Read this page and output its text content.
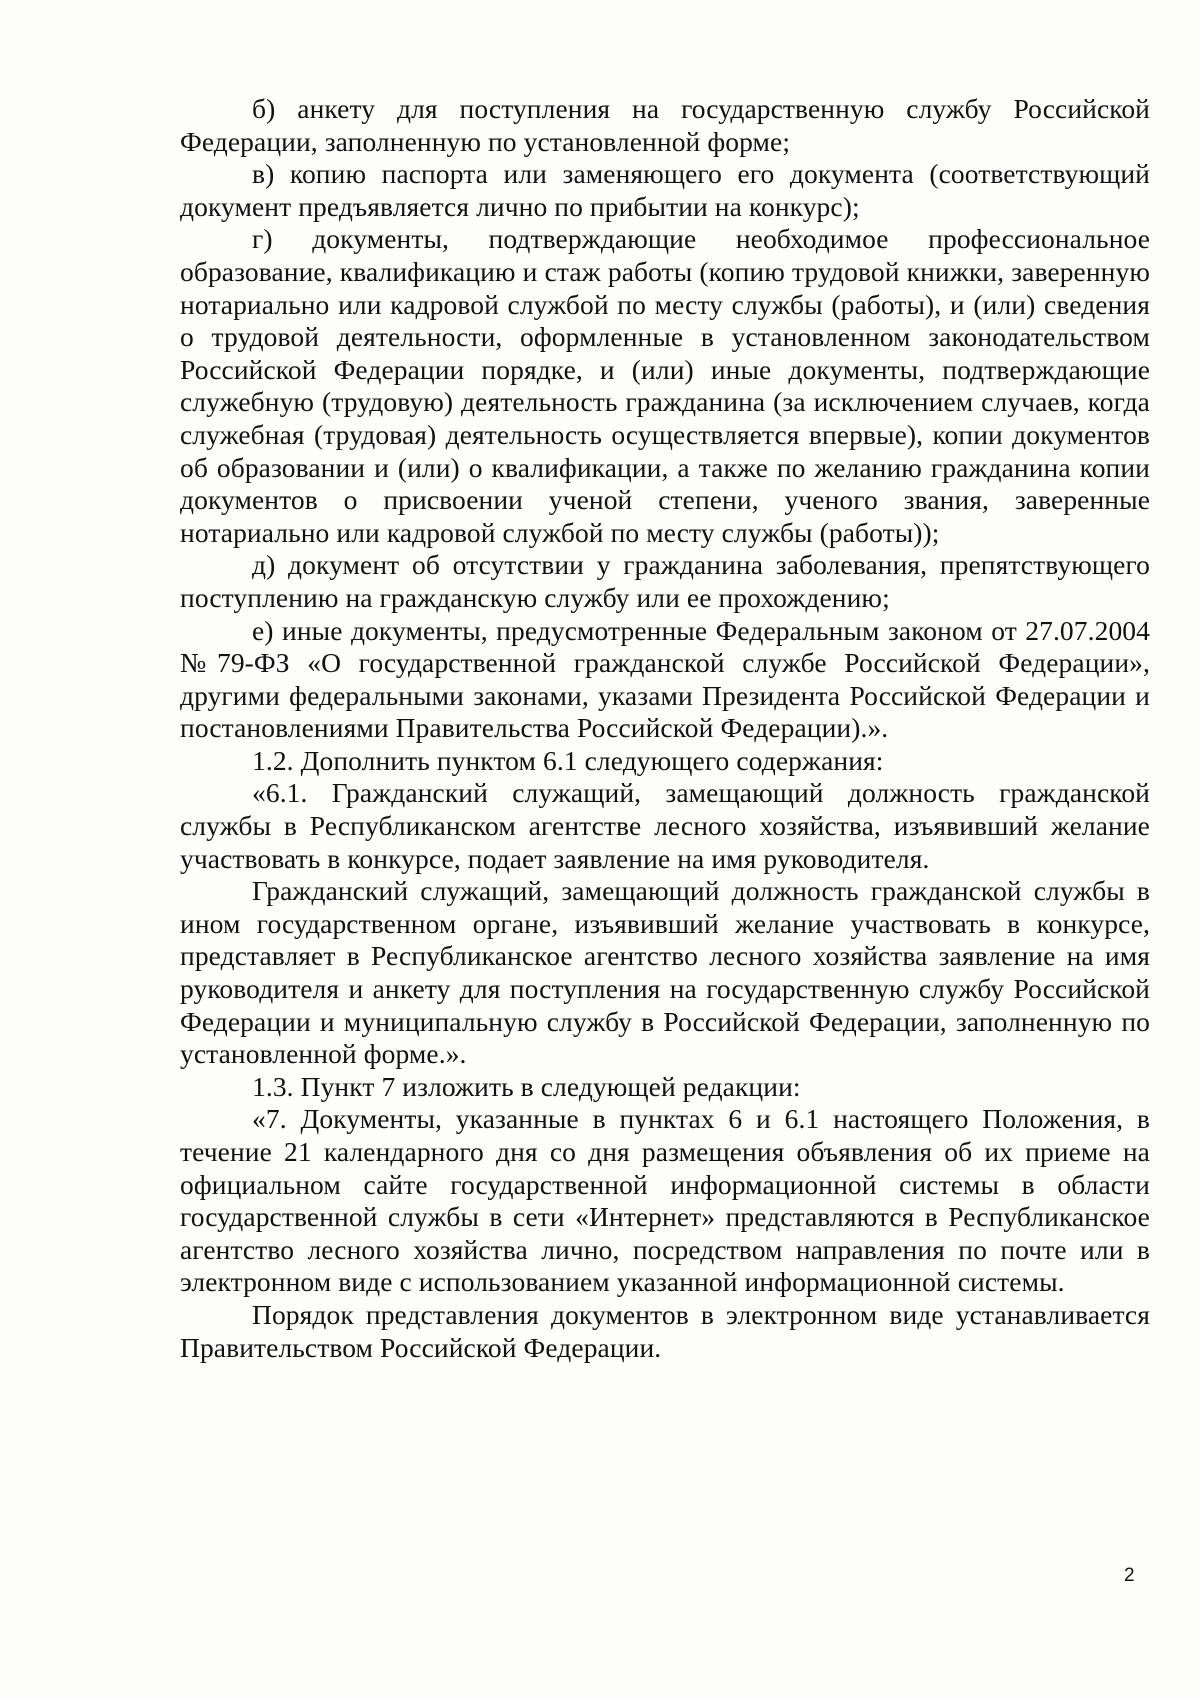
б) анкету для поступления на государственную службу Российской Федерации, заполненную по установленной форме;

в) копию паспорта или заменяющего его документа (соответствующий документ предъявляется лично по прибытии на конкурс);

г) документы, подтверждающие необходимое профессиональное образование, квалификацию и стаж работы (копию трудовой книжки, заверенную нотариально или кадровой службой по месту службы (работы), и (или) сведения о трудовой деятельности, оформленные в установленном законодательством Российской Федерации порядке, и (или) иные документы, подтверждающие служебную (трудовую) деятельность гражданина (за исключением случаев, когда служебная (трудовая) деятельность осуществляется впервые), копии документов об образовании и (или) о квалификации, а также по желанию гражданина копии документов о присвоении ученой степени, ученого звания, заверенные нотариально или кадровой службой по месту службы (работы));

д) документ об отсутствии у гражданина заболевания, препятствующего поступлению на гражданскую службу или ее прохождению;

е) иные документы, предусмотренные Федеральным законом от 27.07.2004 №79-ФЗ «О государственной гражданской службе Российской Федерации», другими федеральными законами, указами Президента Российской Федерации и постановлениями Правительства Российской Федерации).».

1.2. Дополнить пунктом 6.1 следующего содержания:

«6.1. Гражданский служащий, замещающий должность гражданской службы в Республиканском агентстве лесного хозяйства, изъявивший желание участвовать в конкурсе, подает заявление на имя руководителя.

Гражданский служащий, замещающий должность гражданской службы в ином государственном органе, изъявивший желание участвовать в конкурсе, представляет в Республиканское агентство лесного хозяйства заявление на имя руководителя и анкету для поступления на государственную службу Российской Федерации и муниципальную службу в Российской Федерации, заполненную по установленной форме.».

1.3. Пункт 7 изложить в следующей редакции:

«7. Документы, указанные в пунктах 6 и 6.1 настоящего Положения, в течение 21 календарного дня со дня размещения объявления об их приеме на официальном сайте государственной информационной системы в области государственной службы в сети «Интернет» представляются в Республиканское агентство лесного хозяйства лично, посредством направления по почте или в электронном виде с использованием указанной информационной системы.

Порядок представления документов в электронном виде устанавливается Правительством Российской Федерации.

2
